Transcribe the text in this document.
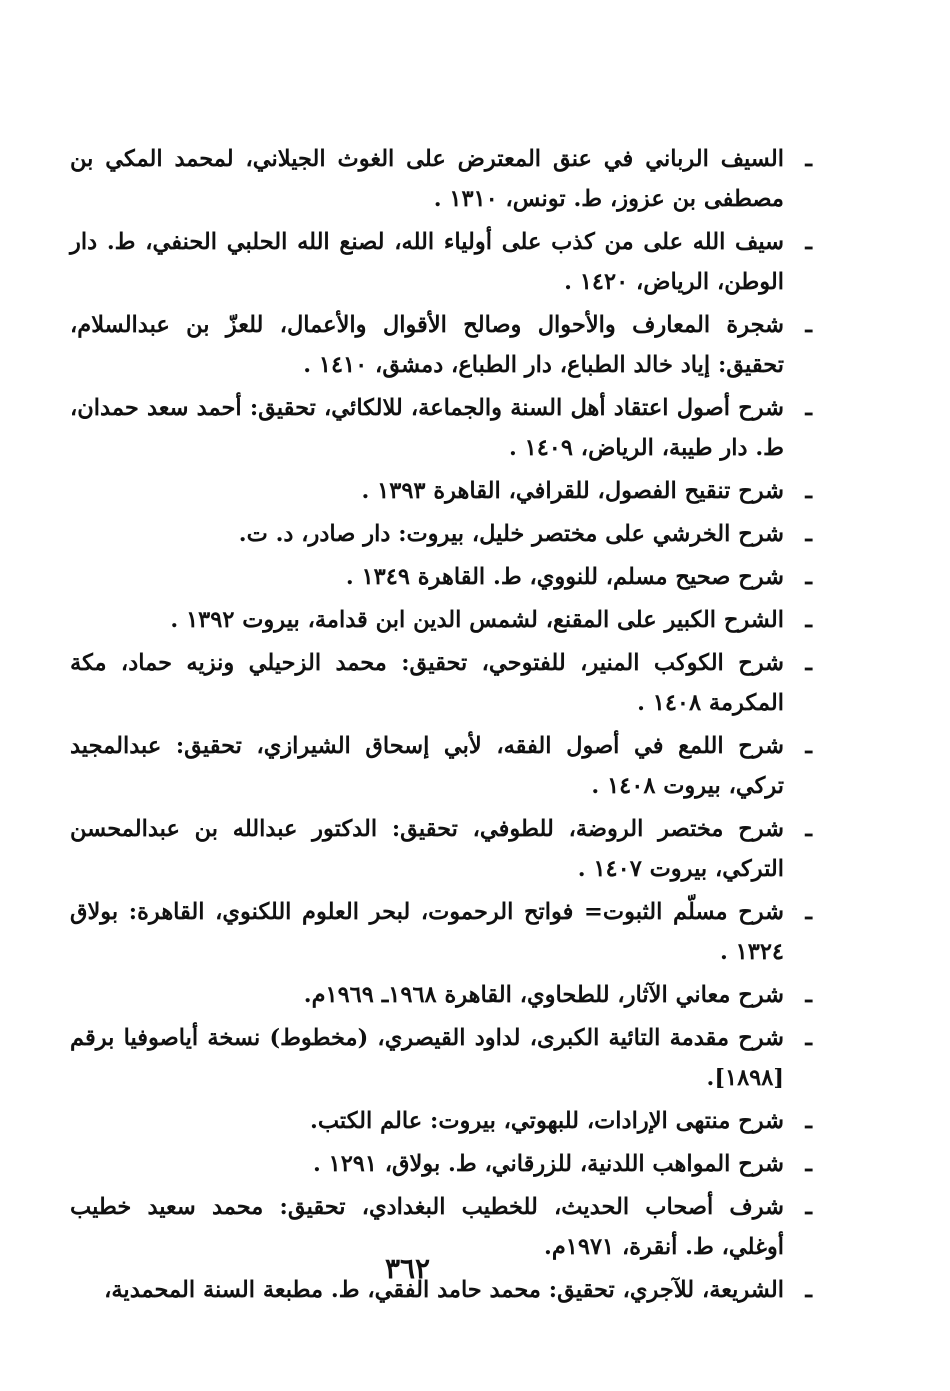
ـ
السيف الرباني في عنق المعترض على الغوث الجيلاني، لمحمد المكي بن مصطفى بن عزوز، ط. تونس، ١٣١٠ .
ـ
سيف الله على من كذب على أولياء الله، لصنع الله الحلبي الحنفي، ط. دار الوطن، الرياض، ١٤٢٠ .
ـ
شجرة المعارف والأحوال وصالح الأقوال والأعمال، للعزّ بن عبدالسلام، تحقيق: إياد خالد الطباع، دار الطباع، دمشق، ١٤١٠ .
ـ
شرح أصول اعتقاد أهل السنة والجماعة، للالكائي، تحقيق: أحمد سعد حمدان، ط. دار طيبة، الرياض، ١٤٠٩ .
ـ
شرح تنقيح الفصول، للقرافي، القاهرة ١٣٩٣ .
ـ
شرح الخرشي على مختصر خليل، بيروت: دار صادر، د. ت.
ـ
شرح صحيح مسلم، للنووي، ط. القاهرة ١٣٤٩ .
ـ
الشرح الكبير على المقنع، لشمس الدين ابن قدامة، بيروت ١٣٩٢ .
ـ
شرح الكوكب المنير، للفتوحي، تحقيق: محمد الزحيلي ونزيه حماد، مكة المكرمة ١٤٠٨ .
ـ
شرح اللمع في أصول الفقه، لأبي إسحاق الشيرازي، تحقيق: عبدالمجيد تركي، بيروت ١٤٠٨ .
ـ
شرح مختصر الروضة، للطوفي، تحقيق: الدكتور عبدالله بن عبدالمحسن التركي، بيروت ١٤٠٧ .
ـ
شرح مسلّم الثبوت= فواتح الرحموت، لبحر العلوم اللكنوي، القاهرة: بولاق ١٣٢٤ .
ـ
شرح معاني الآثار، للطحاوي، القاهرة ١٩٦٨ـ ١٩٦٩م.
ـ
شرح مقدمة التائية الكبرى، لداود القيصري، (مخطوط) نسخة أياصوفيا برقم [١٨٩٨].
ـ
شرح منتهى الإرادات، للبهوتي، بيروت: عالم الكتب.
ـ
شرح المواهب اللدنية، للزرقاني، ط. بولاق، ١٢٩١ .
ـ
شرف أصحاب الحديث، للخطيب البغدادي، تحقيق: محمد سعيد خطيب أوغلي، ط. أنقرة، ١٩٧١م.
ـ
الشريعة، للآجري، تحقيق: محمد حامد الفقي، ط. مطبعة السنة المحمدية،
٣٦٢
